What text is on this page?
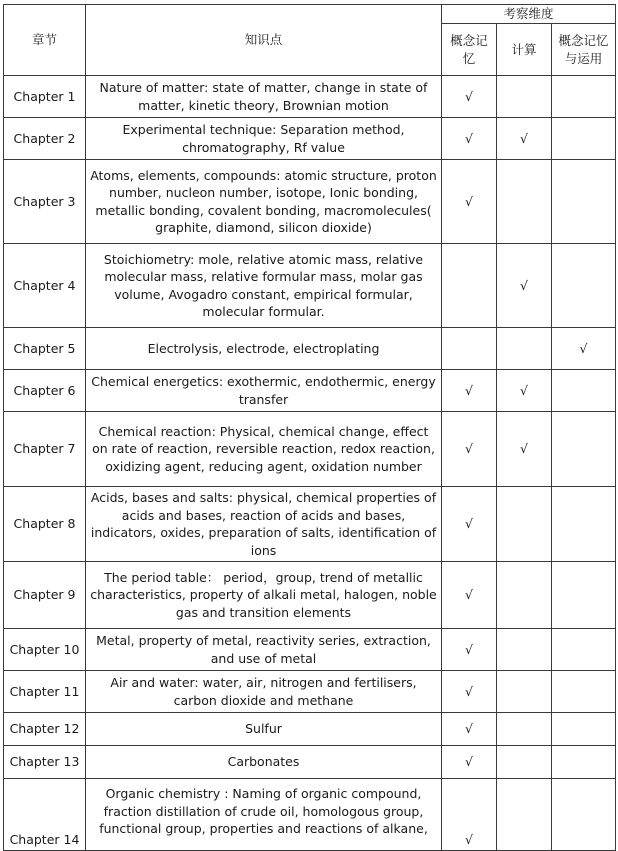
章节	知识点	考察维度		
		概念记忆	计算	概念记忆与运用
Chapter 1	Nature of matter: state of matter, change in state of matter, kinetic theory, Brownian motion	√		
Chapter 2	Experimental technique: Separation method, chromatography, Rf value	√	√	
Chapter 3	Atoms, elements, compounds: atomic structure, proton number, nucleon number, isotope, Ionic bonding, metallic bonding, covalent bonding, macromolecules( graphite, diamond, silicon dioxide)	√		
Chapter 4	Stoichiometry: mole, relative atomic mass, relative molecular mass, relative formular mass, molar gas volume, Avogadro constant, empirical formular, molecular formular.		√	
Chapter 5	Electrolysis, electrode, electroplating			√
Chapter 6	Chemical energetics: exothermic, endothermic, energy transfer	√	√	
Chapter 7	Chemical reaction: Physical, chemical change, effect on rate of reaction, reversible reaction, redox reaction, oxidizing agent, reducing agent, oxidation number	√	√	
Chapter 8	Acids, bases and salts: physical, chemical properties of acids and bases, reaction of acids and bases, indicators, oxides, preparation of salts, identification of ions	√		
Chapter 9	The period table： period，group, trend of metallic characteristics, property of alkali metal, halogen, noble gas and transition elements	√		
Chapter 10	Metal, property of metal, reactivity series, extraction, and use of metal	√		
Chapter 11	Air and water: water, air, nitrogen and fertilisers, carbon dioxide and methane	√		
Chapter 12	Sulfur	√		
Chapter 13	Carbonates	√		
Chapter 14	Organic chemistry : Naming of organic compound, fraction distillation of crude oil, homologous group, functional group, properties and reactions of alkane,	√		
